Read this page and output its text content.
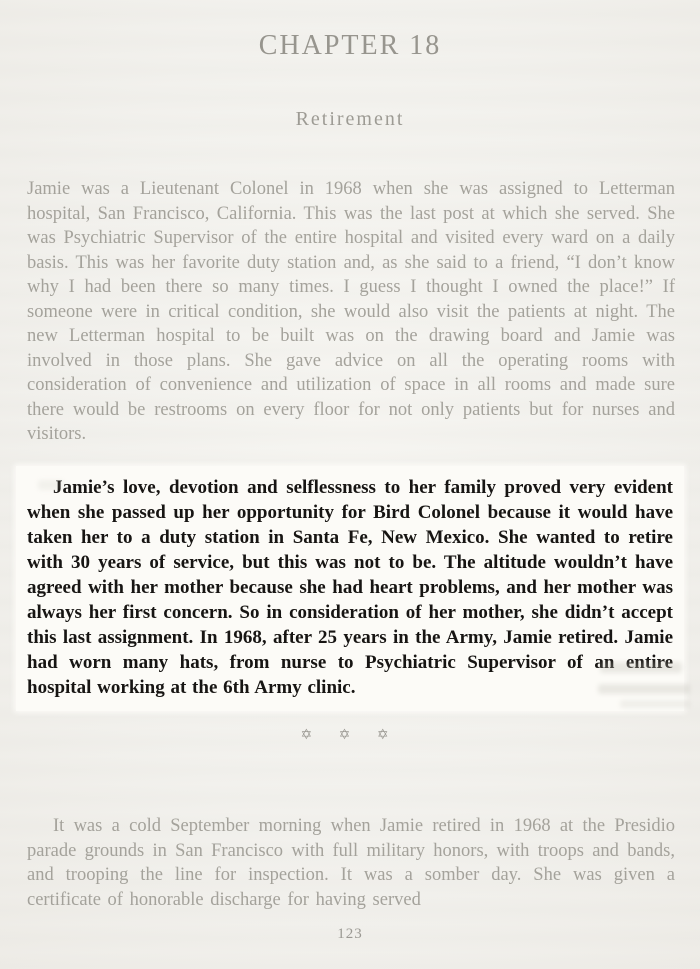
CHAPTER 18
Retirement
Jamie was a Lieutenant Colonel in 1968 when she was assigned to Letterman hospital, San Francisco, California. This was the last post at which she served. She was Psychiatric Supervisor of the entire hospital and visited every ward on a daily basis. This was her favorite duty station and, as she said to a friend, “I don’t know why I had been there so many times. I guess I thought I owned the place!” If someone were in critical condition, she would also visit the patients at night. The new Letterman hospital to be built was on the drawing board and Jamie was involved in those plans. She gave advice on all the operating rooms with consideration of convenience and utilization of space in all rooms and made sure there would be restrooms on every floor for not only patients but for nurses and visitors.
Jamie’s love, devotion and selflessness to her family proved very evident when she passed up her opportunity for Bird Colonel because it would have taken her to a duty station in Santa Fe, New Mexico. She wanted to retire with 30 years of service, but this was not to be. The altitude wouldn’t have agreed with her mother because she had heart problems, and her mother was always her first concern. So in consideration of her mother, she didn’t accept this last assignment. In 1968, after 25 years in the Army, Jamie retired. Jamie had worn many hats, from nurse to Psychiatric Supervisor of an entire hospital working at the 6th Army clinic.
✡ ✡ ✡
It was a cold September morning when Jamie retired in 1968 at the Presidio parade grounds in San Francisco with full military honors, with troops and bands, and trooping the line for inspection. It was a somber day. She was given a certificate of honorable discharge for having served
123
